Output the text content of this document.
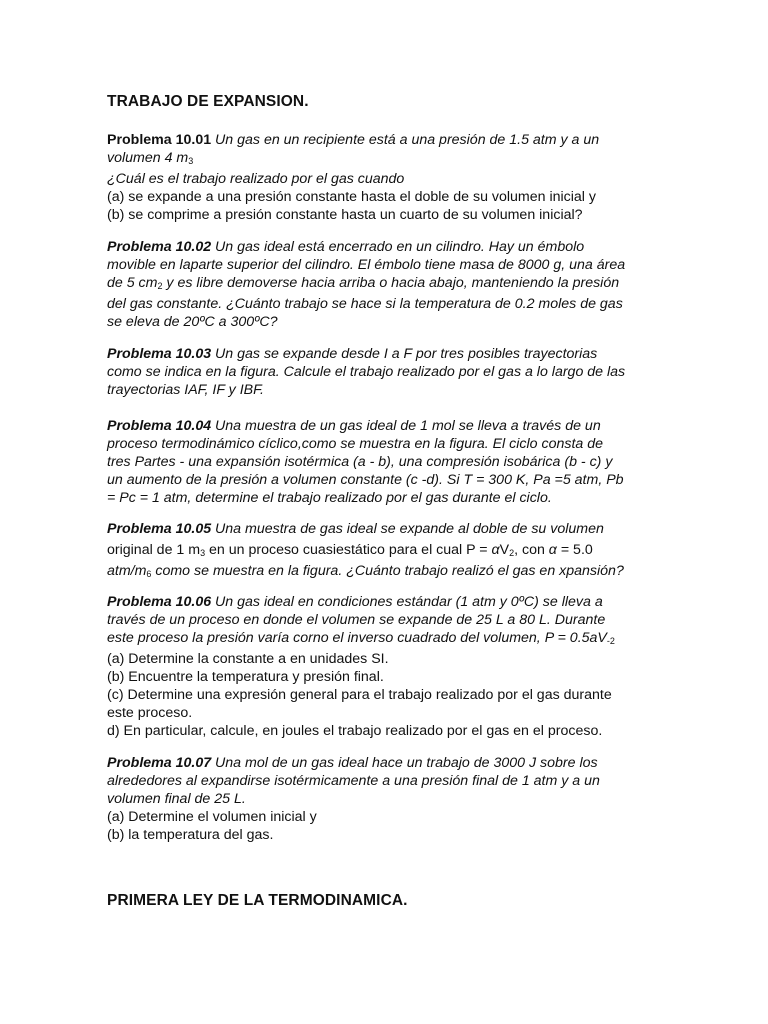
TRABAJO DE EXPANSION.
Problema 10.01 Un gas en un recipiente está a una presión de 1.5 atm y a un
volumen 4 $m_3$
¿Cuál es el trabajo realizado por el gas cuando
(a) se expande a una presión constante hasta el doble de su volumen inicial y
(b) se comprime a presión constante hasta un cuarto de su volumen inicial?
Problema 10.02 Un gas ideal está encerrado en un cilindro. Hay un émbolo
movible en laparte superior del cilindro. El émbolo tiene masa de 8000 g, una área
de 5 $cm_2$ y es libre demoverse hacia arriba o hacia abajo, manteniendo la presión
del gas constante. ¿Cuánto trabajo se hace si la temperatura de 0.2 moles de gas
se eleva de 20ºC a 300ºC?
Problema 10.03 Un gas se expande desde I a F por tres posibles trayectorias
como se indica en la figura. Calcule el trabajo realizado por el gas a lo largo de las
trayectorias IAF, IF y IBF.
Problema 10.04 Una muestra de un gas ideal de 1 mol se lleva a través de un
proceso termodinámico cíclico,como se muestra en la figura. El ciclo consta de
tres Partes - una expansión isotérmica (a - b), una compresión isobárica (b - c) y
un aumento de la presión a volumen constante (c -d). Si T = 300 K, Pa =5 atm, Pb
= Pc = 1 atm, determine el trabajo realizado por el gas durante el ciclo.
Problema 10.05 Una muestra de gas ideal se expande al doble de su volumen
original de 1 $m_3$ en un proceso cuasiestático para el cual $P = \alpha V_2$, con α = 5.0
atm/$m_6$ como se muestra en la figura. ¿Cuánto trabajo realizó el gas en xpansión?
Problema 10.06 Un gas ideal en condiciones estándar (1 atm y 0ºC) se lleva a
través de un proceso en donde el volumen se expande de 25 L a 80 L. Durante
este proceso la presión varía corno el inverso cuadrado del volumen, $P = 0.5aV_{-2}$
(a) Determine la constante a en unidades SI.
(b) Encuentre la temperatura y presión final.
(c) Determine una expresión general para el trabajo realizado por el gas durante
este proceso.
d) En particular, calcule, en joules el trabajo realizado por el gas en el proceso.
Problema 10.07 Una mol de un gas ideal hace un trabajo de 3000 J sobre los
alrededores al expandirse isotérmicamente a una presión final de 1 atm y a un
volumen final de 25 L.
(a) Determine el volumen inicial y
(b) la temperatura del gas.
PRIMERA LEY DE LA TERMODINAMICA.
